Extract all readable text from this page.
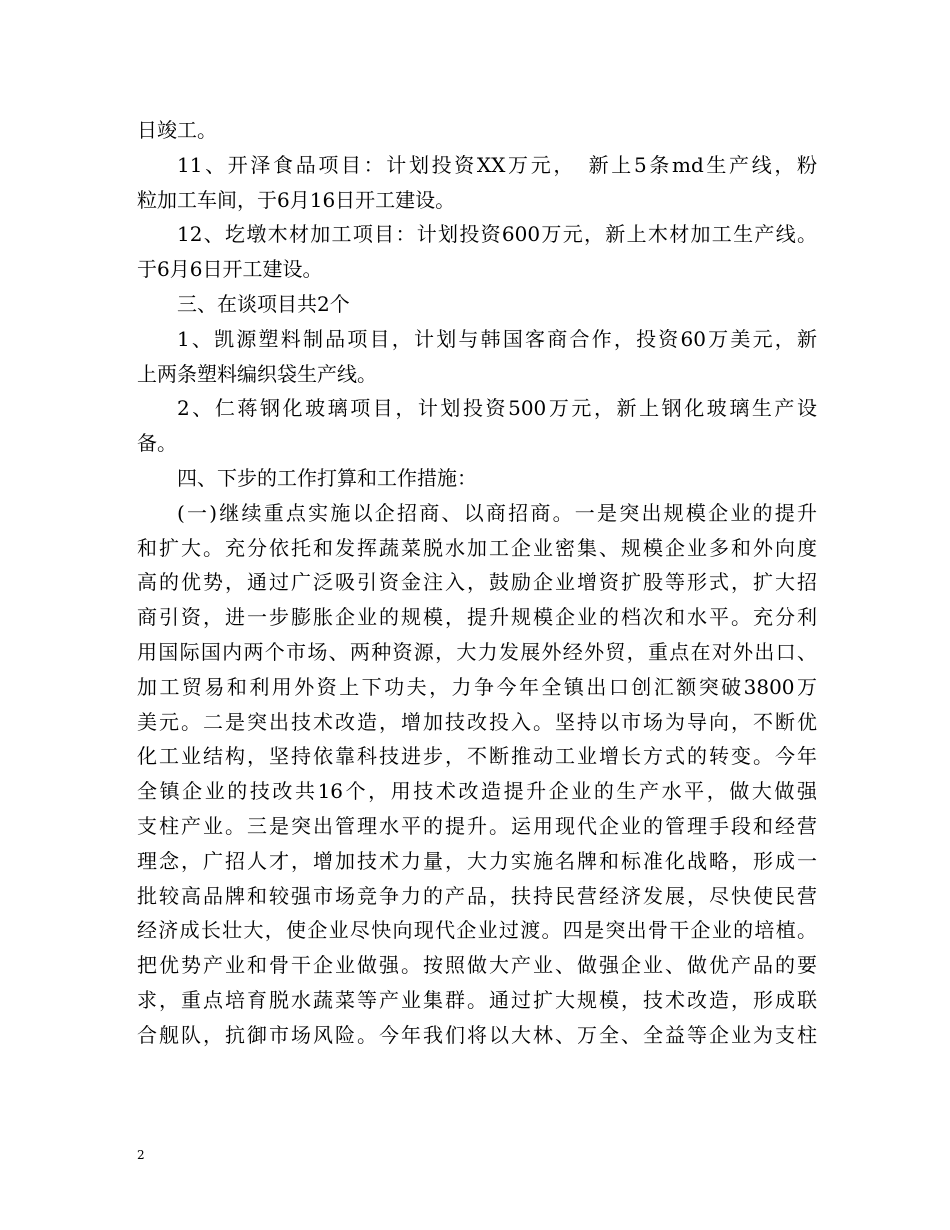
日竣工。
11、开泽食品项目：计划投资XX万元，　新上5条md生产线，粉
粒加工车间，于6月16日开工建设。
12、圪墩木材加工项目：计划投资600万元，新上木材加工生产线。
于6月6日开工建设。
三、在谈项目共2个
1、凯源塑料制品项目，计划与韩国客商合作，投资60万美元，新
上两条塑料编织袋生产线。
2、仁蒋钢化玻璃项目，计划投资500万元，新上钢化玻璃生产设
备。
四、下步的工作打算和工作措施：
(一)继续重点实施以企招商、以商招商。一是突出规模企业的提升
和扩大。充分依托和发挥蔬菜脱水加工企业密集、规模企业多和外向度
高的优势，通过广泛吸引资金注入，鼓励企业增资扩股等形式，扩大招
商引资，进一步膨胀企业的规模，提升规模企业的档次和水平。充分利
用国际国内两个市场、两种资源，大力发展外经外贸，重点在对外出口、
加工贸易和利用外资上下功夫，力争今年全镇出口创汇额突破3800万
美元。二是突出技术改造，增加技改投入。坚持以市场为导向，不断优
化工业结构，坚持依靠科技进步，不断推动工业增长方式的转变。今年
全镇企业的技改共16个，用技术改造提升企业的生产水平，做大做强
支柱产业。三是突出管理水平的提升。运用现代企业的管理手段和经营
理念，广招人才，增加技术力量，大力实施名牌和标准化战略，形成一
批较高品牌和较强市场竞争力的产品，扶持民营经济发展，尽快使民营
经济成长壮大，使企业尽快向现代企业过渡。四是突出骨干企业的培植。
把优势产业和骨干企业做强。按照做大产业、做强企业、做优产品的要
求，重点培育脱水蔬菜等产业集群。通过扩大规模，技术改造，形成联
合舰队，抗御市场风险。今年我们将以大林、万全、全益等企业为支柱
2
